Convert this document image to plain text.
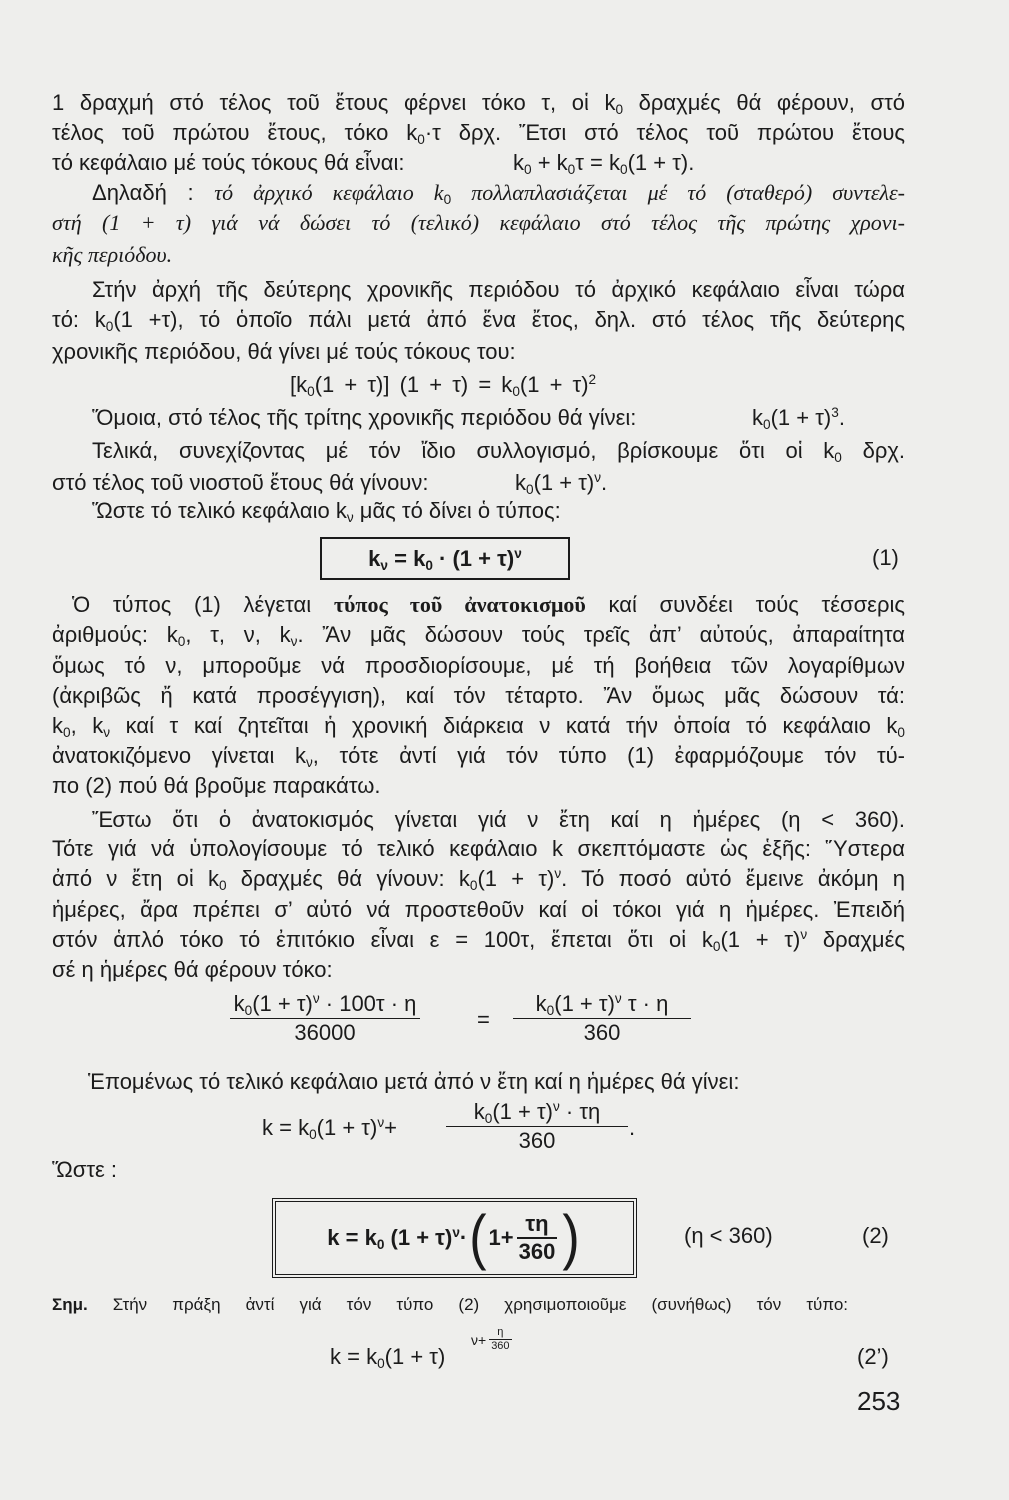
1 δραχμή στό τέλος τοῦ ἔτους φέρνει τόκο τ, οἱ $k_0$ δραχμές θά φέρουν, στό
τέλος τοῦ πρώτου ἔτους, τόκο $k_0\cdot\tau$ δρχ. Ἔτσι στό τέλος τοῦ πρώτου ἔτους
τό κεφάλαιο μέ τούς τόκους θά εἶναι:	$k_0 + k_0\tau = k_0(1 + \tau)$.
Δηλαδή : τό ἀρχικό κεφάλαιο $k_0$ πολλαπλασιάζεται μέ τό (σταθερό) συντελε-
στή (1 + τ) γιά νά δώσει τό (τελικό) κεφάλαιο στό τέλος τῆς πρώτης χρονι-
κῆς περιόδου.
Στήν ἀρχή τῆς δεύτερης χρονικῆς περιόδου τό ἀρχικό κεφάλαιο εἶναι τώρα
τό: $k_0(1 +\tau)$, τό ὁποῖο πάλι μετά ἀπό ἕνα ἔτος, δηλ. στό τέλος τῆς δεύτερης
χρονικῆς περιόδου, θά γίνει μέ τούς τόκους του:
$[k_0(1 + \tau)] (1 + \tau) = k_0(1 + \tau)^2$
Ὅμοια, στό τέλος τῆς τρίτης χρονικῆς περιόδου θά γίνει:	$k_0(1 + \tau)^3$.
Τελικά, συνεχίζοντας μέ τόν ἴδιο συλλογισμό, βρίσκουμε ὅτι οἱ $k_0$ δρχ.
στό τέλος τοῦ νιοστοῦ ἔτους θά γίνουν:	$k_0(1 + \tau)^\nu$.
Ὥστε τό τελικό κεφάλαιο $k_\nu$ μᾶς τό δίνει ὁ τύπος:
$k_\nu = k_0 \cdot (1 + \tau)^\nu$	(1)
Ὁ τύπος (1) λέγεται τύπος τοῦ ἀνατοκισμοῦ καί συνδέει τούς τέσσερις
ἀριθμούς: $k_0$, τ, ν, $k_\nu$. Ἄν μᾶς δώσουν τούς τρεῖς ἀπ’ αὐτούς, ἀπαραίτητα
ὅμως τό ν, μποροῦμε νά προσδιορίσουμε, μέ τή βοήθεια τῶν λογαρίθμων
(ἀκριβῶς ἤ κατά προσέγγιση), καί τόν τέταρτο. Ἄν ὅμως μᾶς δώσουν τά:
$k_0$, $k_\nu$ καί τ καί ζητεῖται ἡ χρονική διάρκεια ν κατά τήν ὁποία τό κεφάλαιο $k_0$
ἀνατοκιζόμενο γίνεται $k_\nu$, τότε ἀντί γιά τόν τύπο (1) ἐφαρμόζουμε τόν τύ-
πο (2) πού θά βροῦμε παρακάτω.
Ἔστω ὅτι ὁ ἀνατοκισμός γίνεται γιά ν ἔτη καί η ἡμέρες (η < 360).
Τότε γιά νά ὑπολογίσουμε τό τελικό κεφάλαιο k σκεπτόμαστε ὡς ἑξῆς: Ὕστερα
ἀπό ν ἔτη οἱ $k_0$ δραχμές θά γίνουν: $k_0(1 + \tau)^\nu$. Τό ποσό αὐτό ἔμεινε ἀκόμη η
ἡμέρες, ἄρα πρέπει σ’ αὐτό νά προστεθοῦν καί οἱ τόκοι γιά η ἡμέρες. Ἐπειδή
στόν ἁπλό τόκο τό ἐπιτόκιο εἶναι ε = 100τ, ἕπεται ὅτι οἱ $k_0(1 + \tau)^\nu$ δραχμές
σέ η ἡμέρες θά φέρουν τόκο:
$\frac{k_0(1 + \tau)^\nu \cdot 100\tau \cdot \eta}{36000}$	= $\frac{k_0(1 + \tau)^\nu \tau \cdot \eta}{360}$
Ἑπομένως τό τελικό κεφάλαιο μετά ἀπό ν ἔτη καί η ἡμέρες θά γίνει:
$k = k_0(1 + \tau)^\nu+ \frac{k_0(1 + \tau)^\nu \cdot \tau\eta}{360}$ .
Ὥστε :
$k = k_0$ $(1 + \tau)^\nu\cdot$ ( $1+ \frac{\tau\eta}{360}$ )	(η < 360)	(2)
Σημ. Στήν πράξη ἀντί γιά τόν τύπο (2) χρησιμοποιοῦμε (συνήθως) τόν τύπο:
$k = k_0(1 + \tau)$
$\nu+ \frac{\eta}{360}$
(2’)
253
